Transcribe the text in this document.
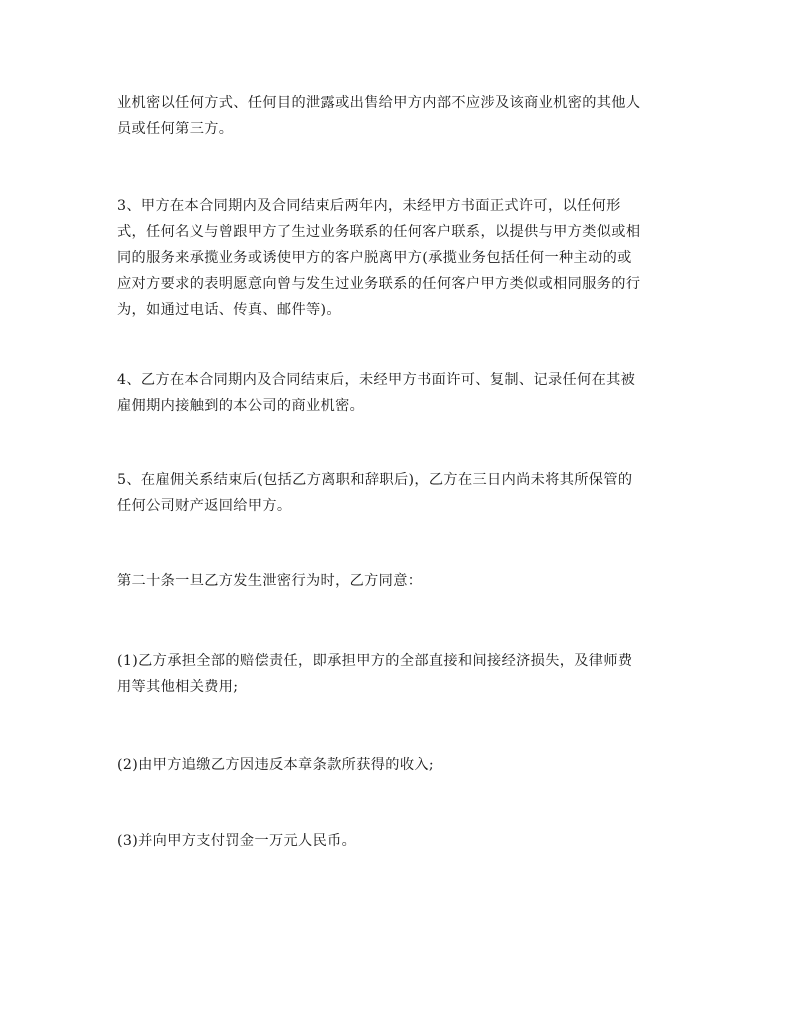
业机密以任何方式、任何目的泄露或出售给甲方内部不应涉及该商业机密的其他人
员或任何第三方。
3、甲方在本合同期内及合同结束后两年内，未经甲方书面正式许可，以任何形
式，任何名义与曾跟甲方了生过业务联系的任何客户联系，以提供与甲方类似或相
同的服务来承揽业务或诱使甲方的客户脱离甲方(承揽业务包括任何一种主动的或
应对方要求的表明愿意向曾与发生过业务联系的任何客户甲方类似或相同服务的行
为，如通过电话、传真、邮件等)。
4、乙方在本合同期内及合同结束后，未经甲方书面许可、复制、记录任何在其被
雇佣期内接触到的本公司的商业机密。
5、在雇佣关系结束后(包括乙方离职和辞职后)，乙方在三日内尚未将其所保管的
任何公司财产返回给甲方。
第二十条一旦乙方发生泄密行为时，乙方同意：
(1)乙方承担全部的赔偿责任，即承担甲方的全部直接和间接经济损失，及律师费
用等其他相关费用;
(2)由甲方追缴乙方因违反本章条款所获得的收入;
(3)并向甲方支付罚金一万元人民币。
